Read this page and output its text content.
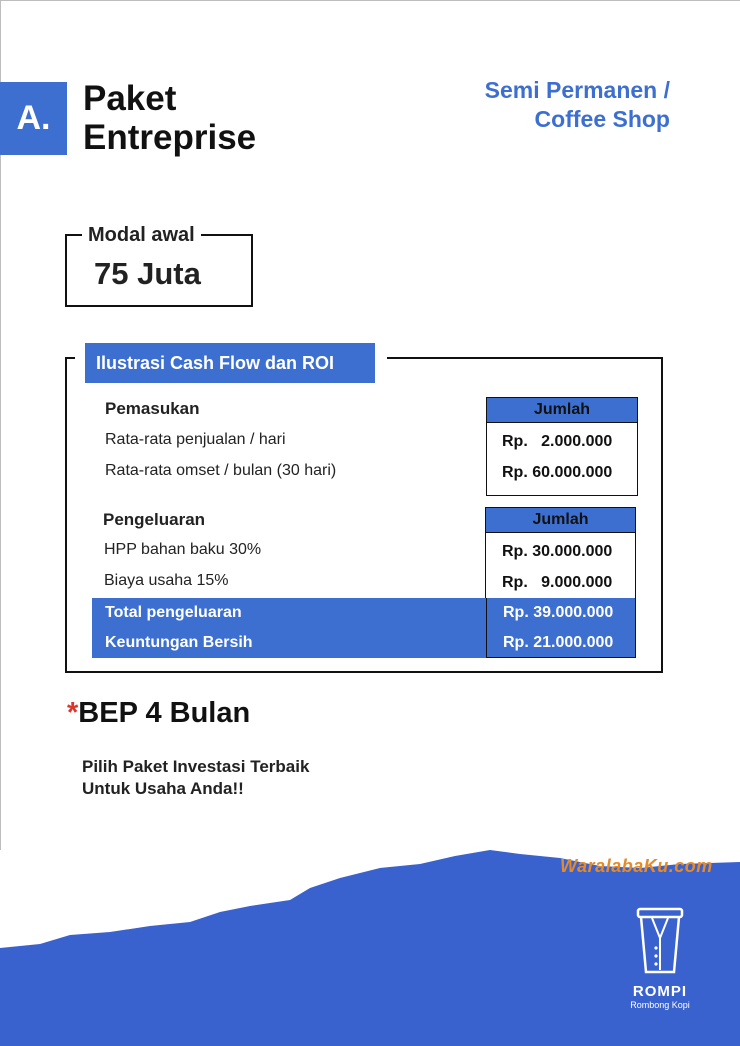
A. Paket
Entreprise
Semi Permanen /
Coffee Shop
Modal awal
75 Juta
Ilustrasi Cash Flow dan ROI
Pemasukan
Rata-rata penjualan / hari
Rata-rata omset / bulan (30 hari)
Jumlah
Rp.   2.000.000
Rp. 60.000.000
Pengeluaran
HPP bahan baku 30%
Biaya usaha 15%
Jumlah
Rp. 30.000.000
Rp.   9.000.000
Total pengeluaran	Rp. 39.000.000
Keuntungan Bersih	Rp. 21.000.000
*BEP 4 Bulan
Pilih Paket Investasi Terbaik
Untuk Usaha Anda!!
WaralabaKu.com
ROMPI
Rombong Kopi
